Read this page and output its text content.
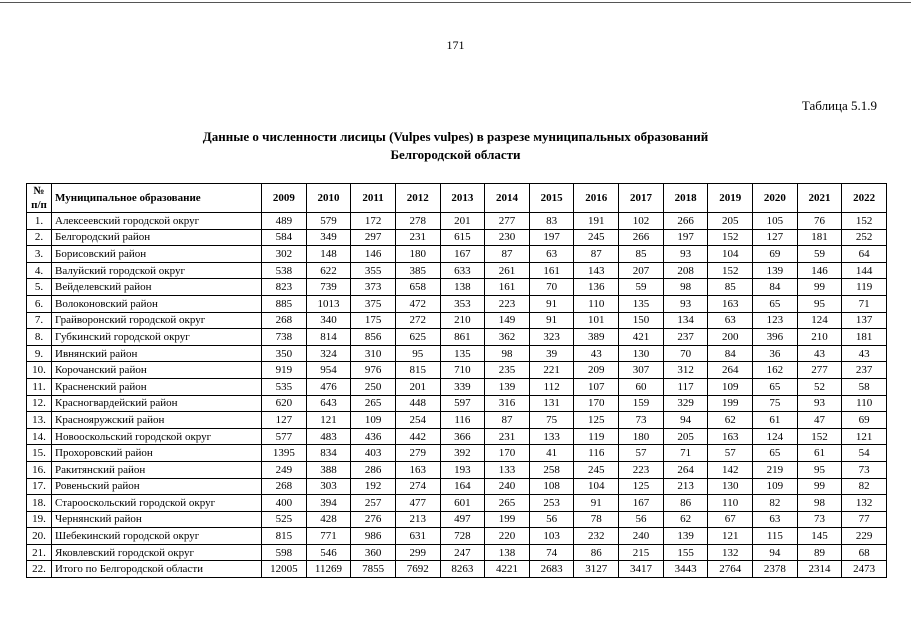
171
Таблица 5.1.9
Данные о численности лисицы (Vulpes vulpes) в разрезе муниципальных образований
Белгородской области
№ п/п	Муниципальное образование	2009	2010	2011	2012	2013	2014	2015	2016	2017	2018	2019	2020	2021	2022
1.	Алексеевский городской округ	489	579	172	278	201	277	83	191	102	266	205	105	76	152
2.	Белгородский район	584	349	297	231	615	230	197	245	266	197	152	127	181	252
3.	Борисовский район	302	148	146	180	167	87	63	87	85	93	104	69	59	64
4.	Валуйский городской округ	538	622	355	385	633	261	161	143	207	208	152	139	146	144
5.	Вейделевский район	823	739	373	658	138	161	70	136	59	98	85	84	99	119
6.	Волоконовский район	885	1013	375	472	353	223	91	110	135	93	163	65	95	71
7.	Грайворонский городской округ	268	340	175	272	210	149	91	101	150	134	63	123	124	137
8.	Губкинский городской округ	738	814	856	625	861	362	323	389	421	237	200	396	210	181
9.	Ивнянский район	350	324	310	95	135	98	39	43	130	70	84	36	43	43
10.	Корочанский район	919	954	976	815	710	235	221	209	307	312	264	162	277	237
11.	Красненский район	535	476	250	201	339	139	112	107	60	117	109	65	52	58
12.	Красногвардейский район	620	643	265	448	597	316	131	170	159	329	199	75	93	110
13.	Краснояружский район	127	121	109	254	116	87	75	125	73	94	62	61	47	69
14.	Новооскольский городской округ	577	483	436	442	366	231	133	119	180	205	163	124	152	121
15.	Прохоровский район	1395	834	403	279	392	170	41	116	57	71	57	65	61	54
16.	Ракитянский район	249	388	286	163	193	133	258	245	223	264	142	219	95	73
17.	Ровеньский район	268	303	192	274	164	240	108	104	125	213	130	109	99	82
18.	Старооскольский городской округ	400	394	257	477	601	265	253	91	167	86	110	82	98	132
19.	Чернянский район	525	428	276	213	497	199	56	78	56	62	67	63	73	77
20.	Шебекинский городской округ	815	771	986	631	728	220	103	232	240	139	121	115	145	229
21.	Яковлевский городской округ	598	546	360	299	247	138	74	86	215	155	132	94	89	68
22.	Итого по Белгородской области	12005	11269	7855	7692	8263	4221	2683	3127	3417	3443	2764	2378	2314	2473
